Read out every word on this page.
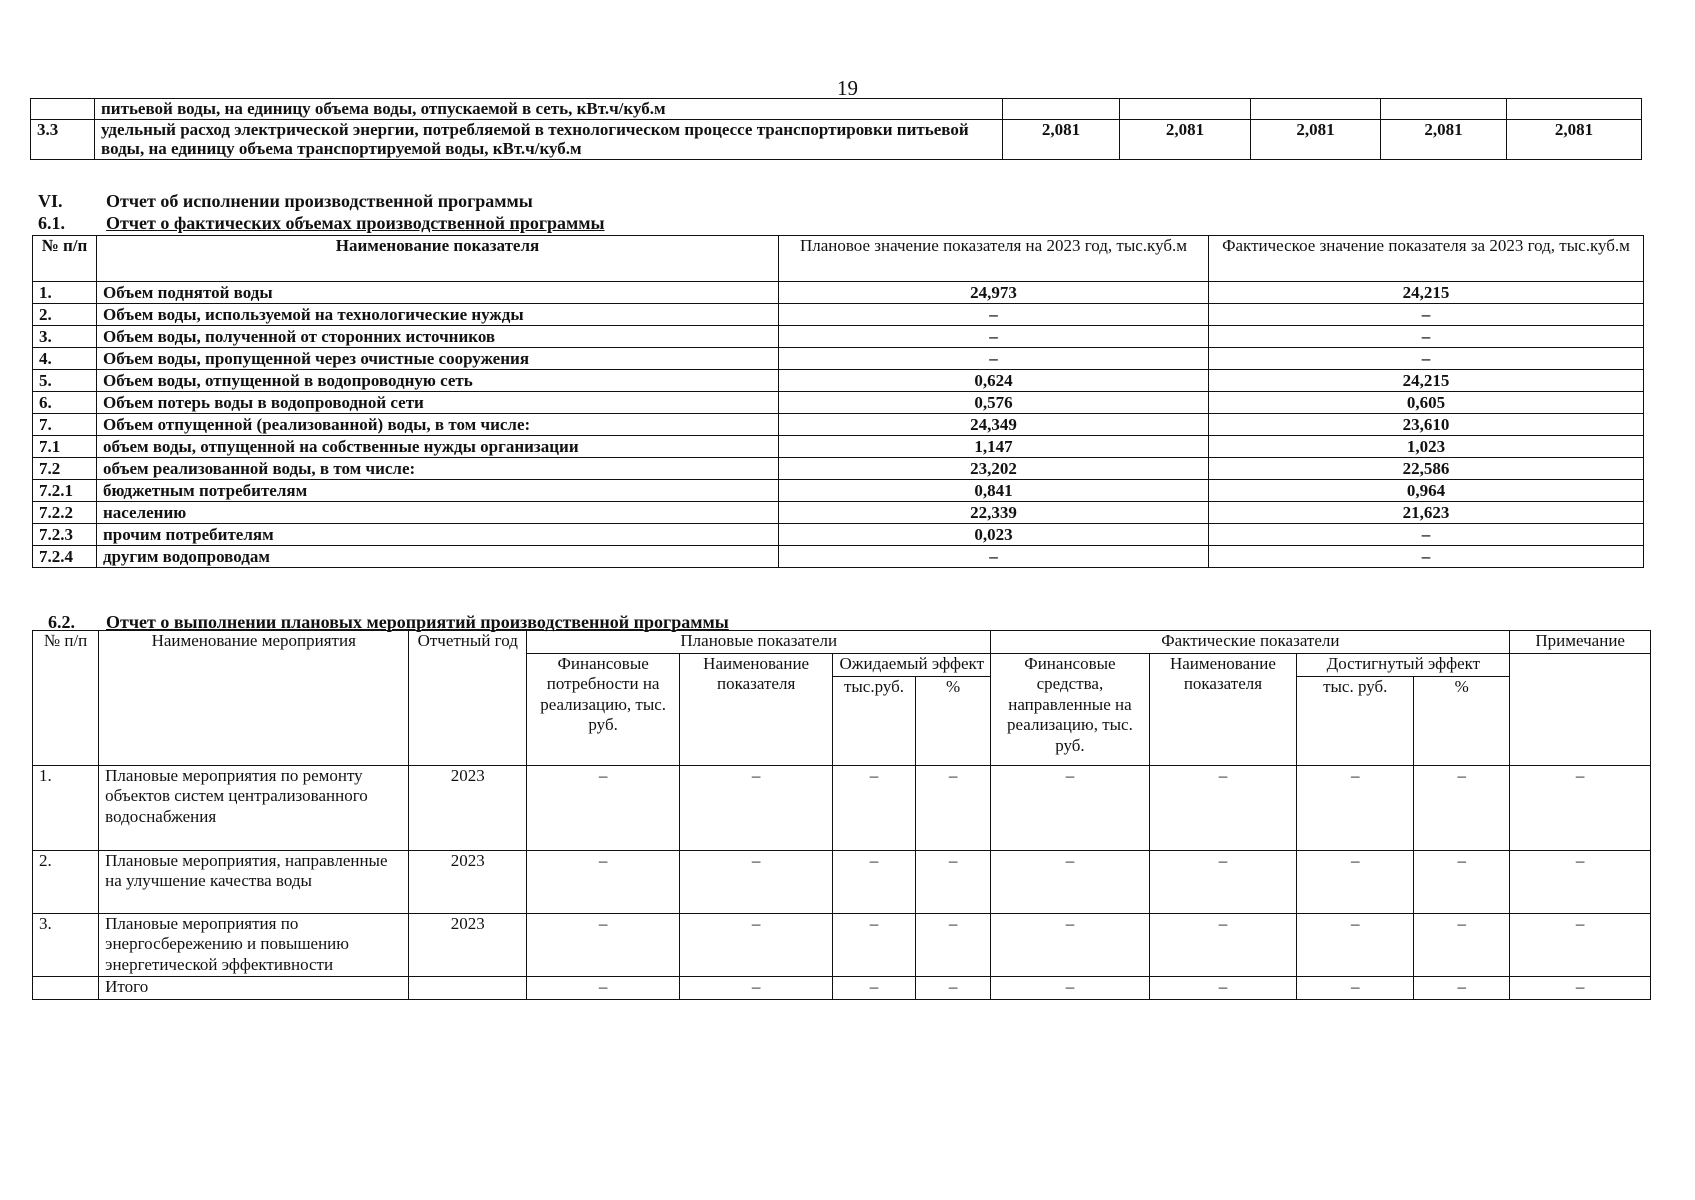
19
	питьевой воды, на единицу объема воды, отпускаемой в сеть, кВт.ч/куб.м					
3.3	удельный расход электрической энергии, потребляемой в технологическом процессе транспортировки питьевой воды, на единицу объема транспортируемой воды, кВт.ч/куб.м	2,081	2,081	2,081	2,081	2,081
VI. Отчет об исполнении производственной программы
6.1. Отчет о фактических объемах производственной программы
№ п/п	Наименование показателя	Плановое значение показателя на 2023 год, тыс.куб.м	Фактическое значение показателя за 2023 год, тыс.куб.м
1.	Объем поднятой воды	24,973	24,215
2.	Объем воды, используемой на технологические нужды	–	–
3.	Объем воды, полученной от сторонних источников	–	–
4.	Объем воды, пропущенной через очистные сооружения	–	–
5.	Объем воды, отпущенной в водопроводную сеть	0,624	24,215
6.	Объем потерь воды в водопроводной сети	0,576	0,605
7.	Объем отпущенной (реализованной) воды, в том числе:	24,349	23,610
7.1	объем воды, отпущенной на собственные нужды организации	1,147	1,023
7.2	объем реализованной воды, в том числе:	23,202	22,586
7.2.1	бюджетным потребителям	0,841	0,964
7.2.2	населению	22,339	21,623
7.2.3	прочим потребителям	0,023	–
7.2.4	другим водопроводам	–	–
6.2. Отчет о выполнении плановых мероприятий производственной программы
№ п/п	Наименование мероприятия	Отчетный год	Плановые показатели				Фактические показатели				Примечание
			Финансовые потребности на реализацию, тыс. руб.	Наименование показателя	Ожидаемый эффект		Финансовые средства, направленные на реализацию, тыс. руб.	Наименование показателя	Достигнутый эффект		
					тыс.руб.	%			тыс. руб.	%	
1.	Плановые мероприятия по ремонту объектов систем централизованного водоснабжения	2023	–	–	–	–	–	–	–	–	–
2.	Плановые мероприятия, направленные на улучшение качества воды	2023	–	–	–	–	–	–	–	–	–
3.	Плановые мероприятия по энергосбережению и повышению энергетической эффективности	2023	–	–	–	–	–	–	–	–	–
	Итого		–	–	–	–	–	–	–	–	–
